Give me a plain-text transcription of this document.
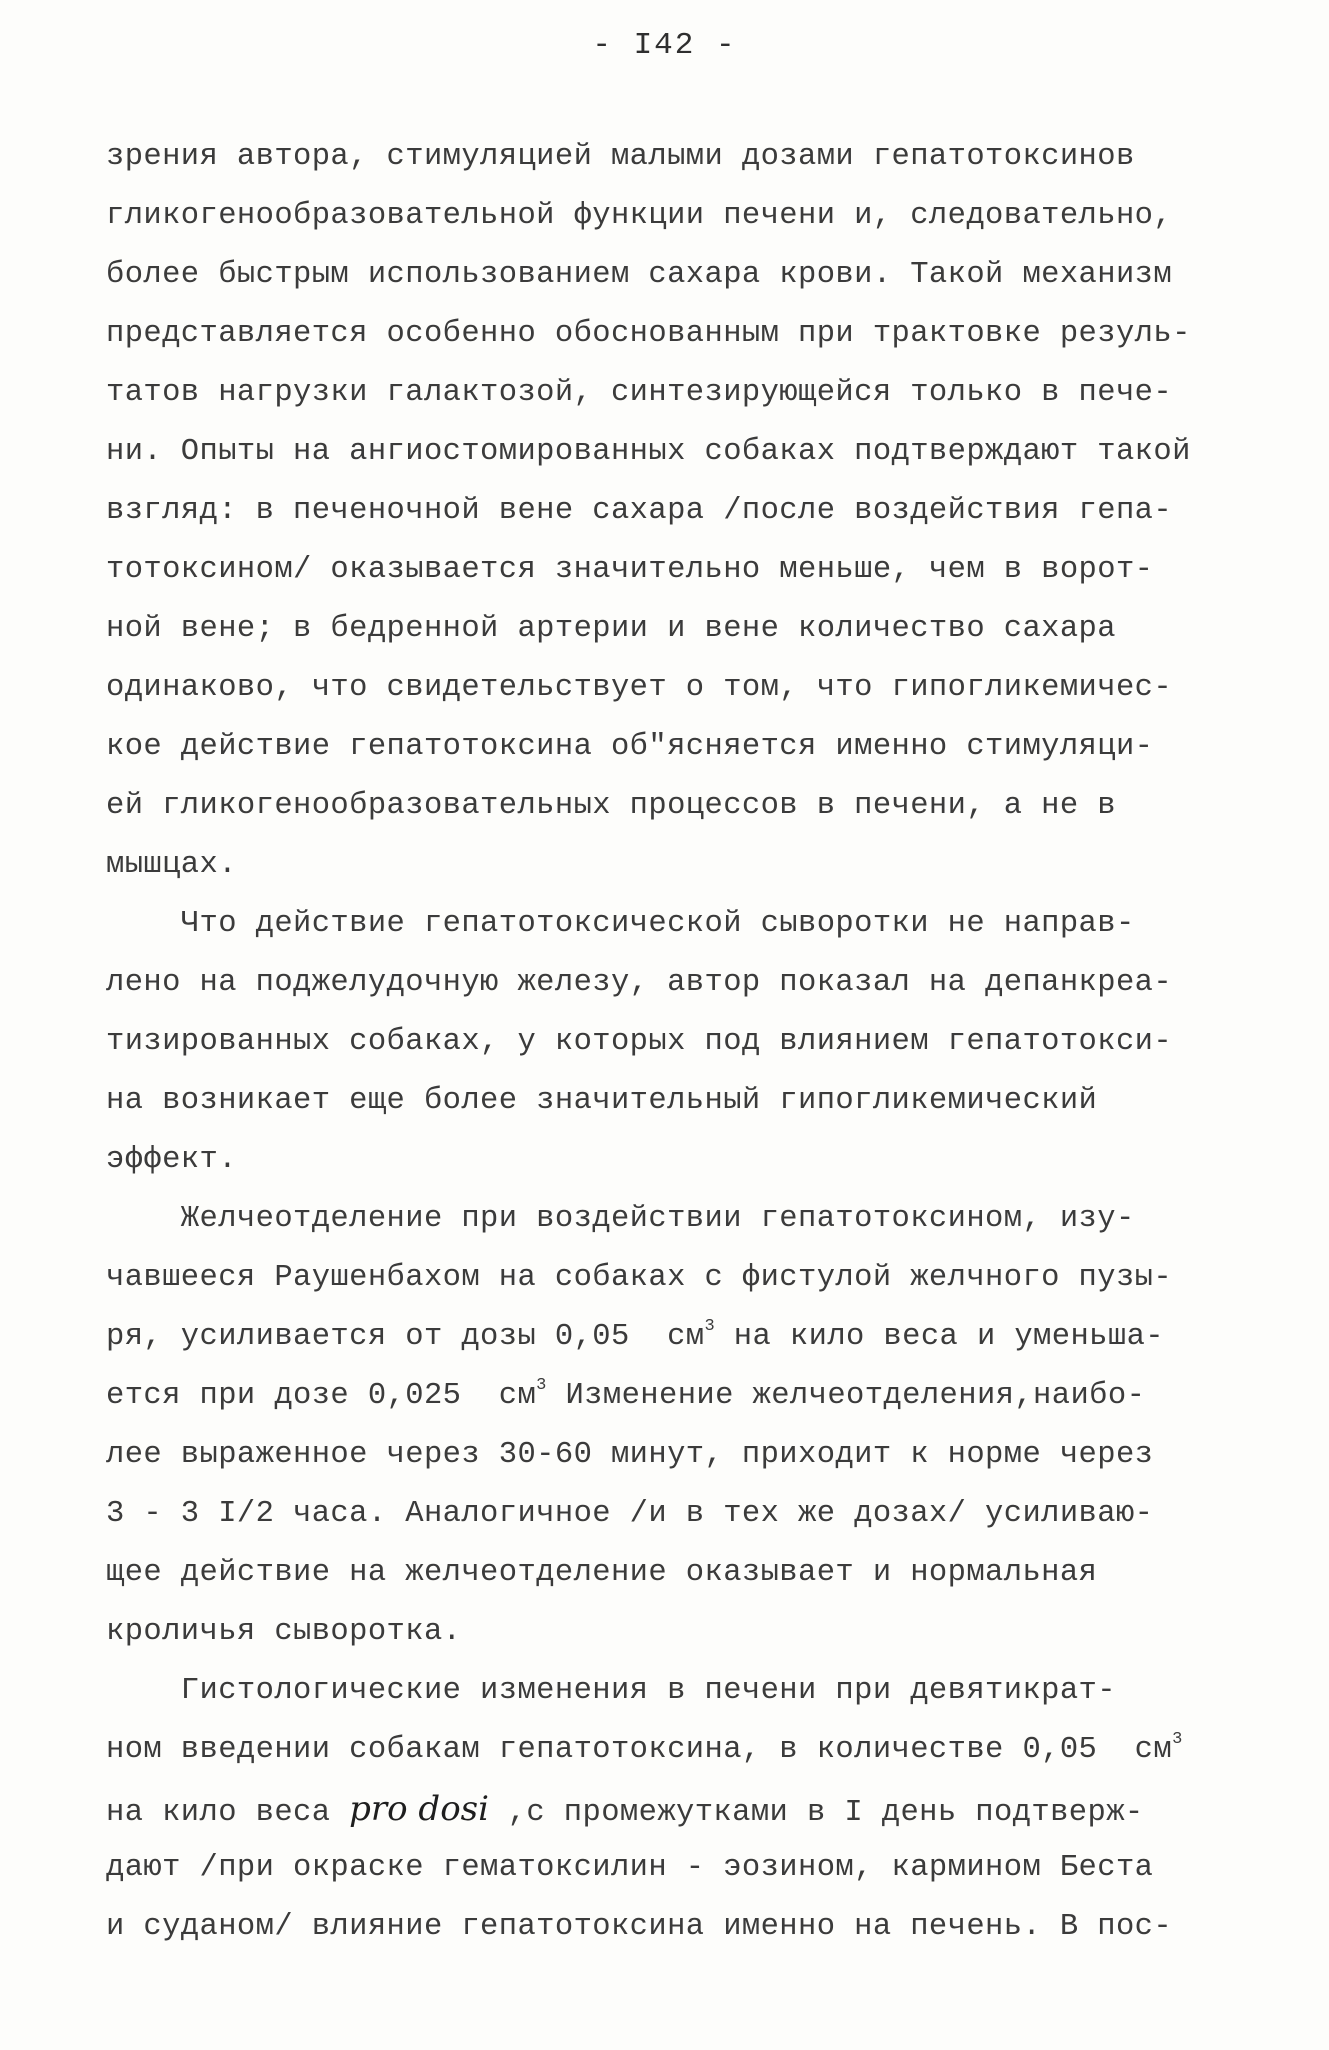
- I42 -
зрения автора, стимуляцией малыми дозами гепатотоксинов
гликогенообразовательной функции печени и, следовательно,
более быстрым использованием сахара крови. Такой механизм
представляется особенно обоснованным при трактовке резуль-
татов нагрузки галактозой, синтезирующейся только в пече-
ни. Опыты на ангиостомированных собаках подтверждают такой
взгляд: в печеночной вене сахара /после воздействия гепа-
тотоксином/ оказывается значительно меньше, чем в ворот-
ной вене; в бедренной артерии и вене количество сахара
одинаково, что свидетельствует о том, что гипогликемичес-
кое действие гепатотоксина об"ясняется именно стимуляци-
ей гликогенообразовательных процессов в печени, а не в
мышцах.
Что действие гепатотоксической сыворотки не направ-
лено на поджелудочную железу, автор показал на депанкреа-
тизированных собаках, у которых под влиянием гепатотокси-
на возникает еще более значительный гипогликемический
эффект.
Желчеотделение при воздействии гепатотоксином, изу-
чавшееся Раушенбахом на собаках с фистулой желчного пузы-
ря, усиливается от дозы 0,05  $см^3$ на кило веса и уменьша-
ется при дозе 0,025  $см^3$ Изменение желчеотделения,наибо-
лее выраженное через 30-60 минут, приходит к норме через
3 - 3 I/2 часа. Аналогичное /и в тех же дозах/ усиливаю-
щее действие на желчеотделение оказывает и нормальная
кроличья сыворотка.
Гистологические изменения в печени при девятикрат-
ном введении собакам гепатотоксина, в количестве 0,05  $см^3$
на кило веса pro dosi ,с промежутками в I день подтверж-
дают /при окраске гематоксилин - эозином, кармином Беста
и суданом/ влияние гепатотоксина именно на печень. В пос-
